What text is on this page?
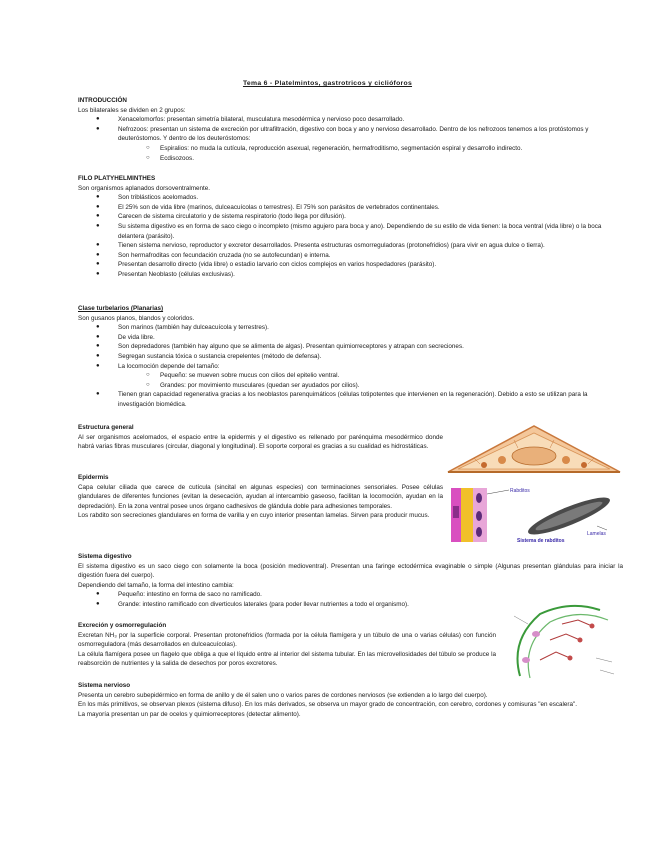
Tema 6 - Platelmintos, gastrotricos y ciclióforos
INTRODUCCIÓN
Los bilaterales se dividen en 2 grupos:
●	Xenacelomorfos: presentan simetría bilateral, musculatura mesodérmica y nervioso poco desarrollado.
●	Nefrozoos: presentan un sistema de excreción por ultrafiltración, digestivo con boca y ano y nervioso desarrollado. Dentro de los nefrozoos tenemos a los protóstomos y deuteróstomos. Y dentro de los deuteróstomos:
○ Espiralios: no muda la cutícula, reproducción asexual, regeneración, hermafroditismo, segmentación espiral y desarrollo indirecto.
○ Ecdisozoos.
FILO PLATYHELMINTHES
Son organismos aplanados dorsoventralmente.
●	Son triblásticos acelomados.
●	El 25% son de vida libre (marinos, dulceacuícolas o terrestres). El 75% son parásitos de vertebrados continentales.
●	Carecen de sistema circulatorio y de sistema respiratorio (todo llega por difusión).
●	Su sistema digestivo es en forma de saco ciego o incompleto (mismo agujero para boca y ano). Dependiendo de su estilo de vida tienen: la boca ventral (vida libre) o la boca delantera (parásito).
●	Tienen sistema nervioso, reproductor y excretor desarrollados. Presenta estructuras osmorreguladoras (protonefridios) (para vivir en agua dulce o tierra).
●	Son hermafroditas con fecundación cruzada (no se autofecundan) e interna.
●	Presentan desarrollo directo (vida libre) o estadio larvario con ciclos complejos en varios hospedadores (parásito).
●	Presentan Neoblasto (células exclusivas).
Clase turbelarios (Planarias)
Son gusanos planos, blandos y coloridos.
●	Son marinos (también hay dulceacuícola y terrestres).
●	De vida libre.
●	Son depredadores (también hay alguno que se alimenta de algas). Presentan quimiorreceptores y atrapan con secreciones.
●	Segregan sustancia tóxica o sustancia crepelentes (método de defensa).
●	La locomoción depende del tamaño:
○ Pequeño: se mueven sobre mucus con cilios del epitelio ventral.
○ Grandes: por movimiento musculares (quedan ser ayudados por cilios).
●	Tienen gran capacidad regenerativa gracias a los neoblastos parenquimáticos (células totipotentes que intervienen en la regeneración). Debido a esto se utilizan para la investigación biomédica.
Estructura general
Al ser organismos acelomados, el espacio entre la epidermis y el digestivo es rellenado por parénquima mesodérmico donde habrá varias fibras musculares (circular, diagonal y longitudinal). El soporte corporal es gracias a su cualidad es hidrostáticas.
Epidermis
Capa celular ciliada que carece de cutícula (sincital en algunas especies) con terminaciones sensoriales. Posee células glandulares de diferentes funciones (evitan la desecación, ayudan al intercambio gaseoso, facilitan la locomoción, ayudan en la depredación). En la zona ventral posee unos órgano cadhesivos de glándula doble para adhesiones temporales.
Los rabdito son secreciones glandulares en forma de varilla y en cuyo interior presentan lamelas. Sirven para producir mucus.
Rabditos
Lamelas
Sistema de rabditos
Sistema digestivo
El sistema digestivo es un saco ciego con solamente la boca (posición medioventral). Presentan una faringe ectodérmica evaginable o simple (Algunas presentan glándulas para iniciar la digestión fuera del cuerpo).
Dependiendo del tamaño, la forma del intestino cambia:
●	Pequeño: intestino en forma de saco no ramificado.
●	Grande: intestino ramificado con diverticulos laterales (para poder llevar nutrientes a todo el organismo).
Excreción y osmorregulación
Excretan NH₃ por la superficie corporal. Presentan protonefridios (formada por la célula flamígera y un túbulo de una o varias células) con función osmorreguladora (más desarrollados en dulceacuícolas).
La célula flamígera posee un flagelo que obliga a que el líquido entre al interior del sistema tubular. En las microvellosidades del túbulo se produce la reabsorción de nutrientes y la salida de desechos por poros excretores.
Sistema nervioso
Presenta un cerebro subepidérmico en forma de anillo y de él salen uno o varios pares de cordones nerviosos (se extienden a lo largo del cuerpo).
En los más primitivos, se observan plexos (sistema difuso). En los más derivados, se observa un mayor grado de concentración, con cerebro, cordones y comisuras "en escalera".
La mayoría presentan un par de ocelos y quimiorreceptores (detectar alimento).
